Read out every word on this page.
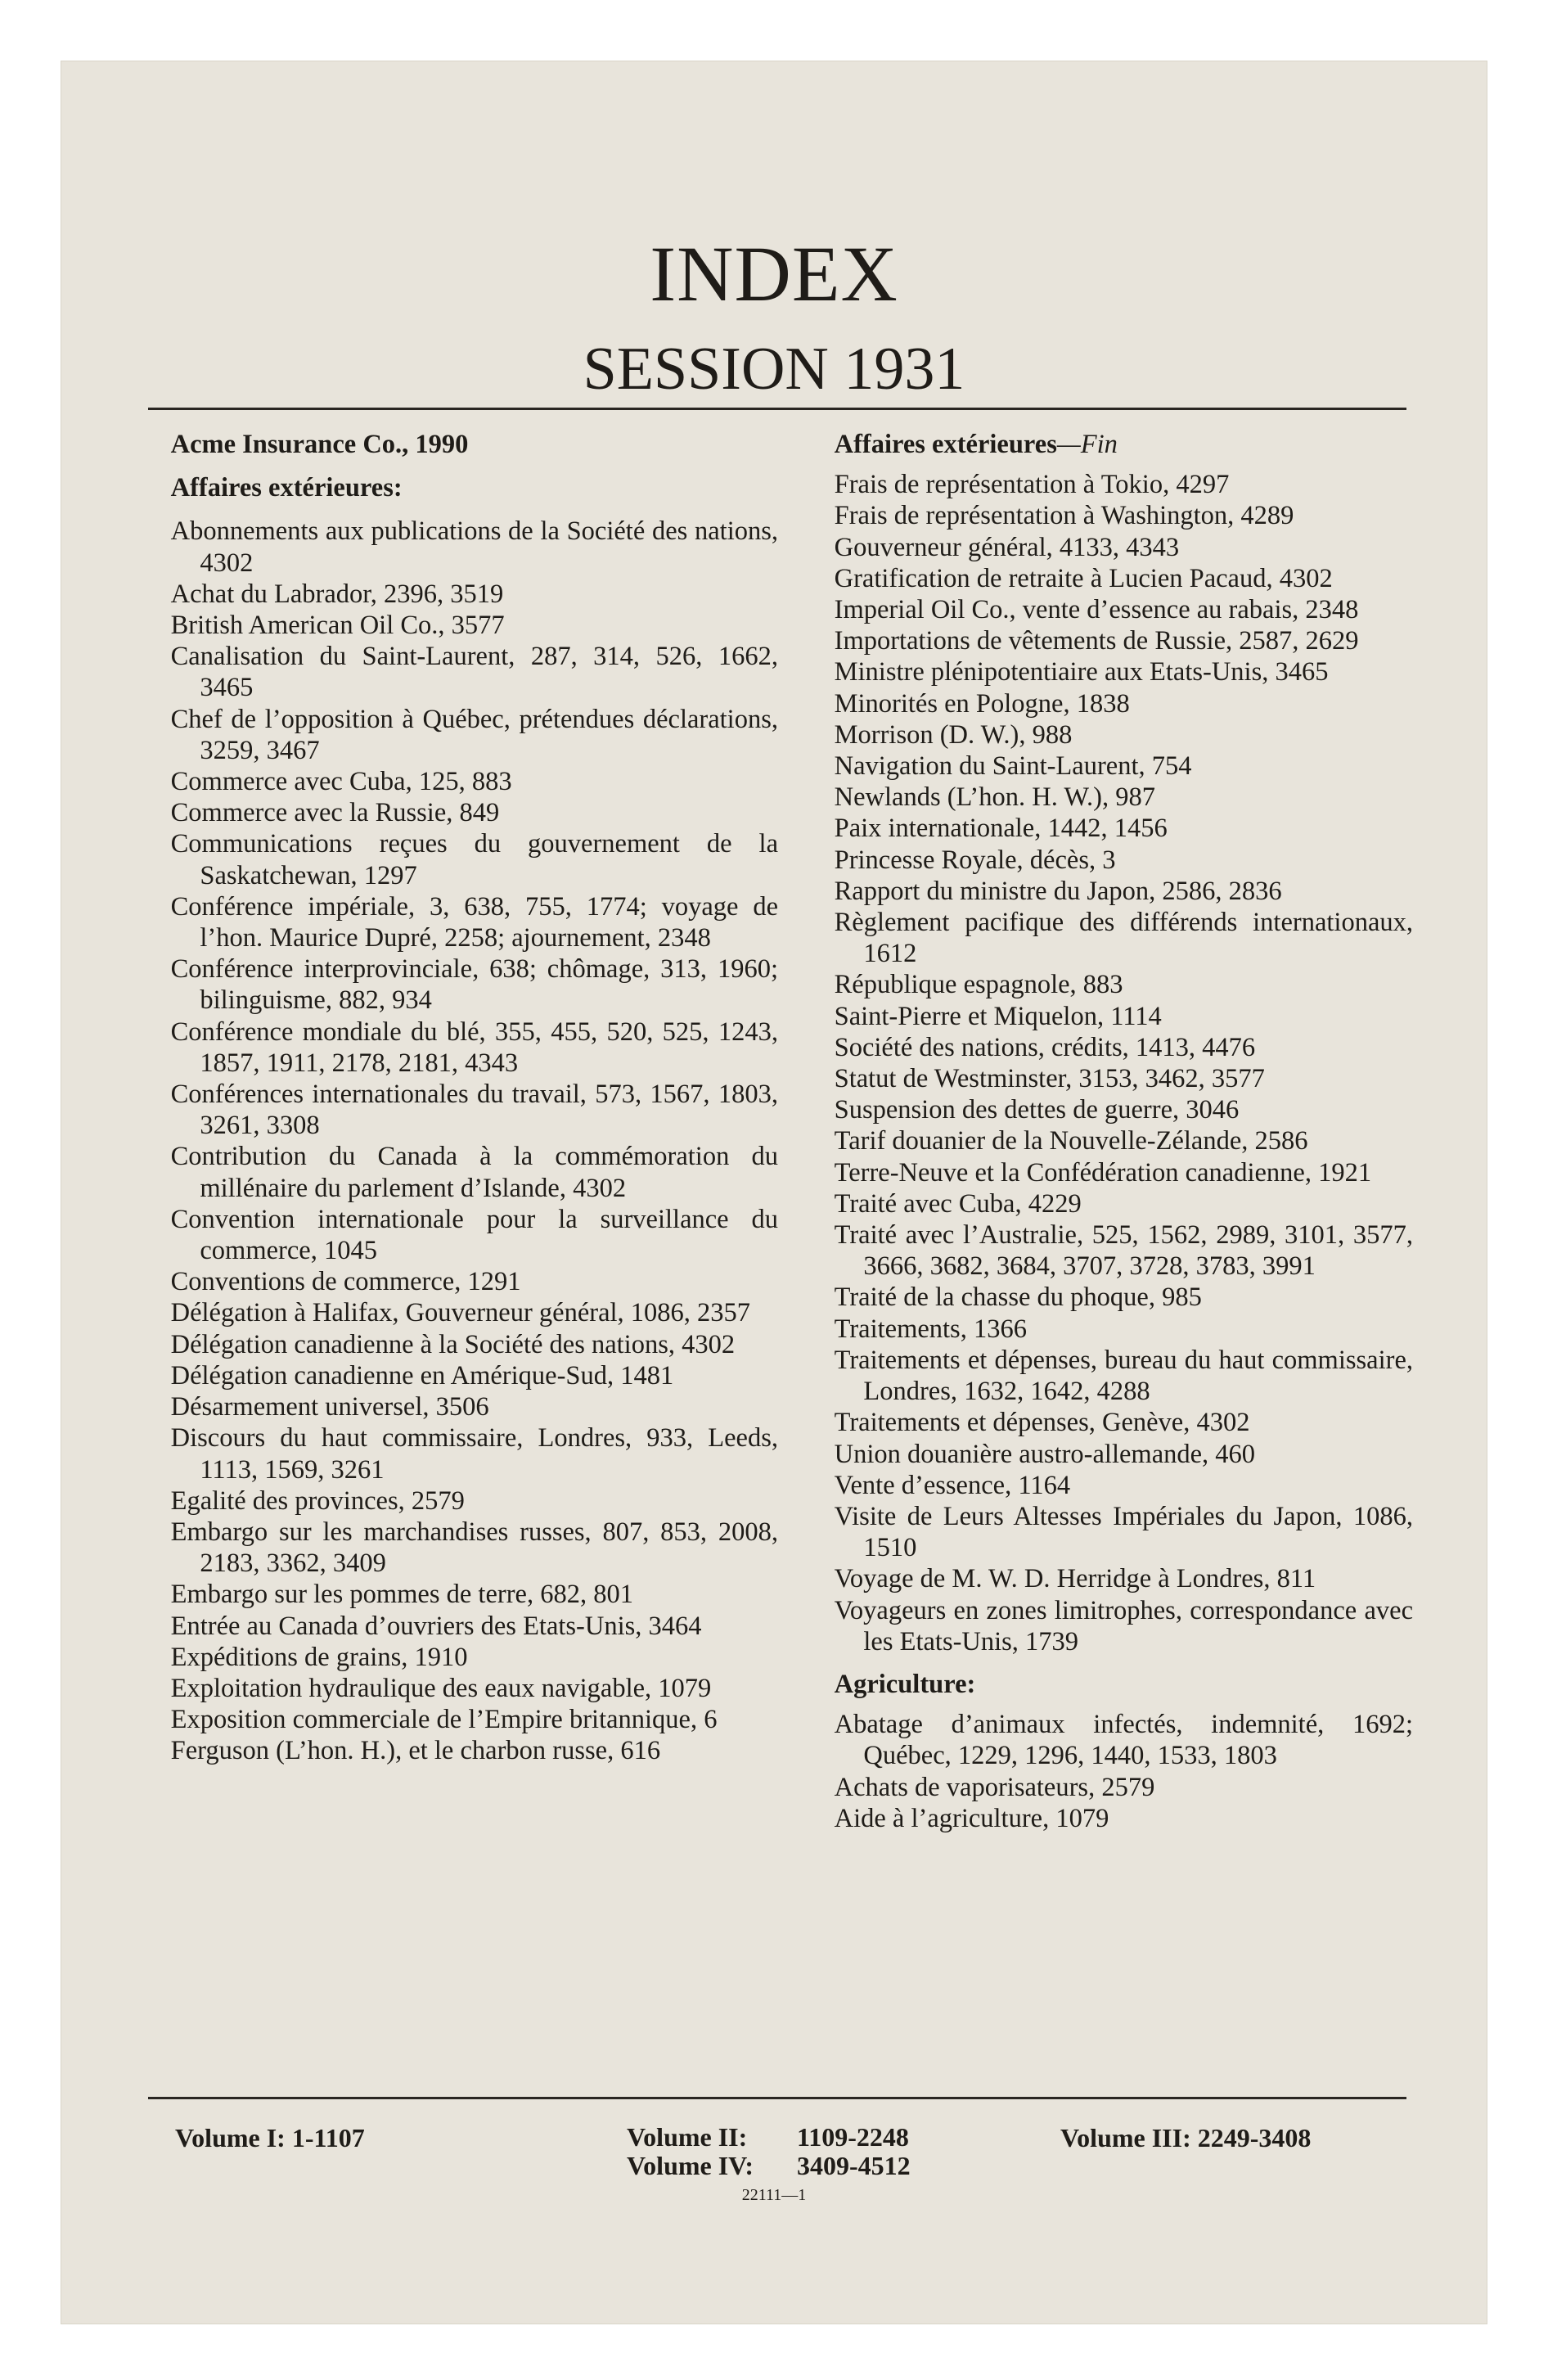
INDEX
SESSION 1931
Acme Insurance Co., 1990
Affaires extérieures:
Abonnements aux publications de la Société des nations, 4302
Achat du Labrador, 2396, 3519
British American Oil Co., 3577
Canalisation du Saint-Laurent, 287, 314, 526, 1662, 3465
Chef de l’opposition à Québec, prétendues déclarations, 3259, 3467
Commerce avec Cuba, 125, 883
Commerce avec la Russie, 849
Communications reçues du gouvernement de la Saskatchewan, 1297
Conférence impériale, 3, 638, 755, 1774; voyage de l’hon. Maurice Dupré, 2258; ajournement, 2348
Conférence interprovinciale, 638; chômage, 313, 1960; bilinguisme, 882, 934
Conférence mondiale du blé, 355, 455, 520, 525, 1243, 1857, 1911, 2178, 2181, 4343
Conférences internationales du travail, 573, 1567, 1803, 3261, 3308
Contribution du Canada à la commémoration du millénaire du parlement d’Islande, 4302
Convention internationale pour la surveillance du commerce, 1045
Conventions de commerce, 1291
Délégation à Halifax, Gouverneur général, 1086, 2357
Délégation canadienne à la Société des nations, 4302
Délégation canadienne en Amérique-Sud, 1481
Désarmement universel, 3506
Discours du haut commissaire, Londres, 933, Leeds, 1113, 1569, 3261
Egalité des provinces, 2579
Embargo sur les marchandises russes, 807, 853, 2008, 2183, 3362, 3409
Embargo sur les pommes de terre, 682, 801
Entrée au Canada d’ouvriers des Etats-Unis, 3464
Expéditions de grains, 1910
Exploitation hydraulique des eaux navigable, 1079
Exposition commerciale de l’Empire britannique, 6
Ferguson (L’hon. H.), et le charbon russe, 616
Affaires extérieures—Fin
Frais de représentation à Tokio, 4297
Frais de représentation à Washington, 4289
Gouverneur général, 4133, 4343
Gratification de retraite à Lucien Pacaud, 4302
Imperial Oil Co., vente d’essence au rabais, 2348
Importations de vêtements de Russie, 2587, 2629
Ministre plénipotentiaire aux Etats-Unis, 3465
Minorités en Pologne, 1838
Morrison (D. W.), 988
Navigation du Saint-Laurent, 754
Newlands (L’hon. H. W.), 987
Paix internationale, 1442, 1456
Princesse Royale, décès, 3
Rapport du ministre du Japon, 2586, 2836
Règlement pacifique des différends internationaux, 1612
République espagnole, 883
Saint-Pierre et Miquelon, 1114
Société des nations, crédits, 1413, 4476
Statut de Westminster, 3153, 3462, 3577
Suspension des dettes de guerre, 3046
Tarif douanier de la Nouvelle-Zélande, 2586
Terre-Neuve et la Confédération canadienne, 1921
Traité avec Cuba, 4229
Traité avec l’Australie, 525, 1562, 2989, 3101, 3577, 3666, 3682, 3684, 3707, 3728, 3783, 3991
Traité de la chasse du phoque, 985
Traitements, 1366
Traitements et dépenses, bureau du haut commissaire, Londres, 1632, 1642, 4288
Traitements et dépenses, Genève, 4302
Union douanière austro-allemande, 460
Vente d’essence, 1164
Visite de Leurs Altesses Impériales du Japon, 1086, 1510
Voyage de M. W. D. Herridge à Londres, 811
Voyageurs en zones limitrophes, correspondance avec les Etats-Unis, 1739
Agriculture:
Abatage d’animaux infectés, indemnité, 1692; Québec, 1229, 1296, 1440, 1533, 1803
Achats de vaporisateurs, 2579
Aide à l’agriculture, 1079
Volume I: 1-1107	Volume II: 1109-2248
Volume IV: 3409-4512
Volume III: 2249-3408
22111—1
